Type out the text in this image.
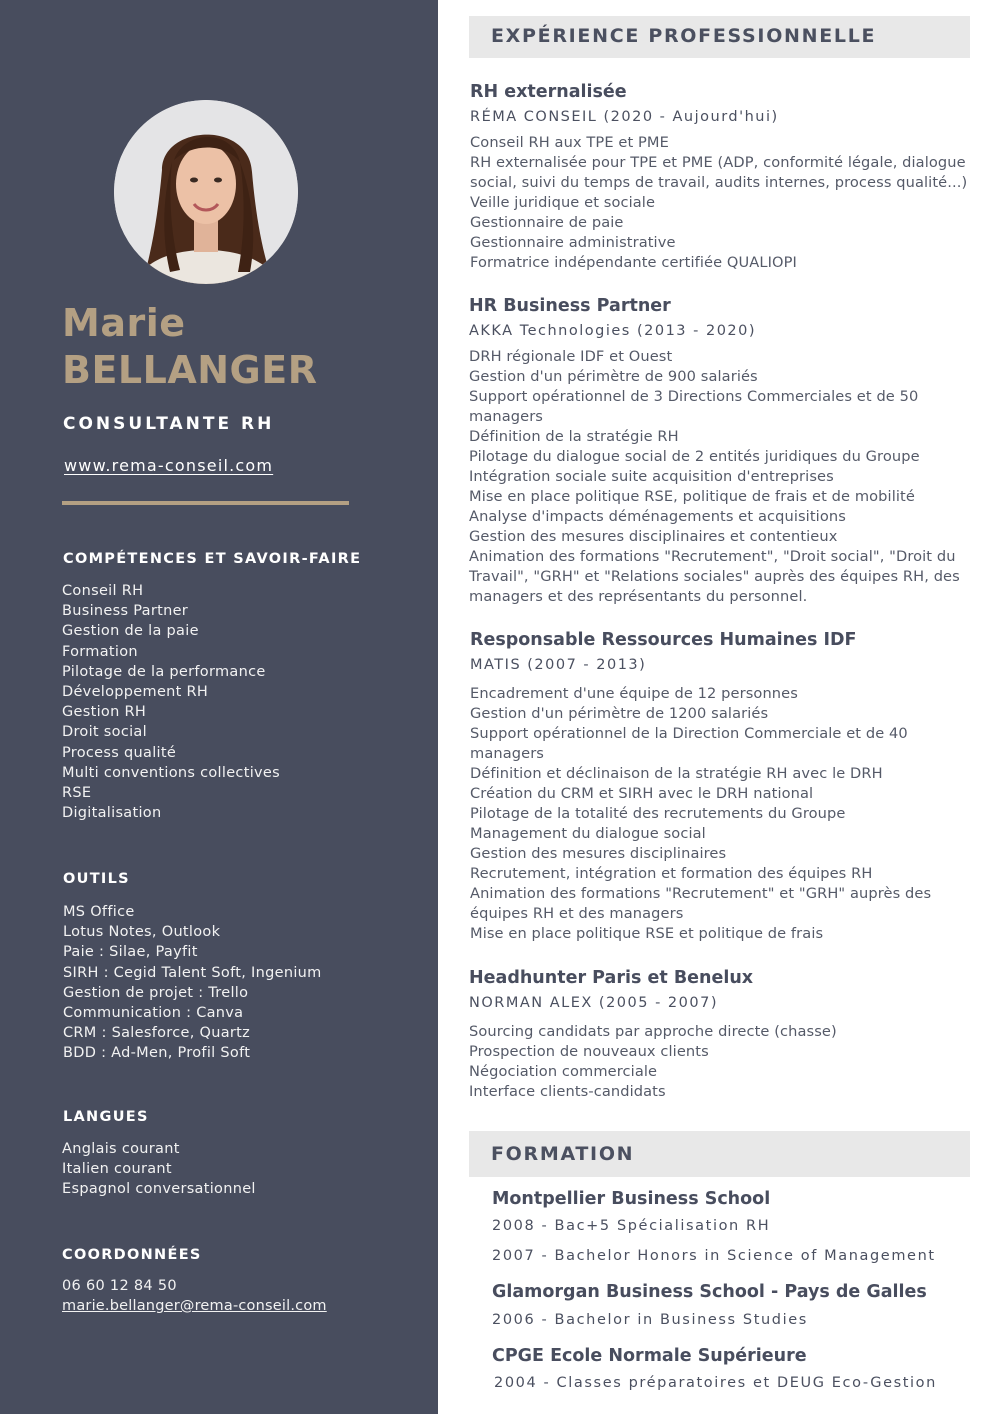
Marie
BELLANGER
CONSULTANTE RH
www.rema-conseil.com
COMPÉTENCES ET SAVOIR-FAIRE
Conseil RH
Business Partner
Gestion de la paie
Formation
Pilotage de la performance
Développement RH
Gestion RH
Droit social
Process qualité
Multi conventions collectives
RSE
Digitalisation
OUTILS
MS Office
Lotus Notes, Outlook
Paie : Silae, Payfit
SIRH : Cegid Talent Soft, Ingenium
Gestion de projet : Trello
Communication : Canva
CRM : Salesforce, Quartz
BDD : Ad-Men, Profil Soft
LANGUES
Anglais courant
Italien courant
Espagnol conversationnel
COORDONNÉES
06 60 12 84 50
marie.bellanger@rema-conseil.com
EXPÉRIENCE PROFESSIONNELLE
RH externalisée
RÉMA CONSEIL (2020 - Aujourd'hui)
Conseil RH aux TPE et PME
RH externalisée pour TPE et PME (ADP, conformité légale, dialogue social, suivi du temps de travail, audits internes, process qualité...)
Veille juridique et sociale
Gestionnaire de paie
Gestionnaire administrative
Formatrice indépendante certifiée QUALIOPI
HR Business Partner
AKKA Technologies (2013 - 2020)
DRH régionale IDF et Ouest
Gestion d'un périmètre de 900 salariés
Support opérationnel de 3 Directions Commerciales et de 50 managers
Définition de la stratégie RH
Pilotage du dialogue social de 2 entités juridiques du Groupe
Intégration sociale suite acquisition d'entreprises
Mise en place politique RSE, politique de frais et de mobilité
Analyse d'impacts déménagements et acquisitions
Gestion des mesures disciplinaires et contentieux
Animation des formations "Recrutement", "Droit social", "Droit du Travail", "GRH" et "Relations sociales" auprès des équipes RH, des managers et des représentants du personnel.
Responsable Ressources Humaines IDF
MATIS (2007 - 2013)
Encadrement d'une équipe de 12 personnes
Gestion d'un périmètre de 1200 salariés
Support opérationnel de la Direction Commerciale et de 40 managers
Définition et déclinaison de la stratégie RH avec le DRH
Création du CRM et SIRH avec le DRH national
Pilotage de la totalité des recrutements du Groupe
Management du dialogue social
Gestion des mesures disciplinaires
Recrutement, intégration et formation des équipes RH
Animation des formations "Recrutement" et "GRH" auprès des équipes RH et des managers
Mise en place politique RSE et politique de frais
Headhunter Paris et Benelux
NORMAN ALEX (2005 - 2007)
Sourcing candidats par approche directe (chasse)
Prospection de nouveaux clients
Négociation commerciale
Interface clients-candidats
FORMATION
Montpellier Business School
2008 - Bac+5 Spécialisation RH
2007 - Bachelor Honors in Science of Management
Glamorgan Business School - Pays de Galles
2006 - Bachelor in Business Studies
CPGE Ecole Normale Supérieure
2004 - Classes préparatoires et DEUG Eco-Gestion
